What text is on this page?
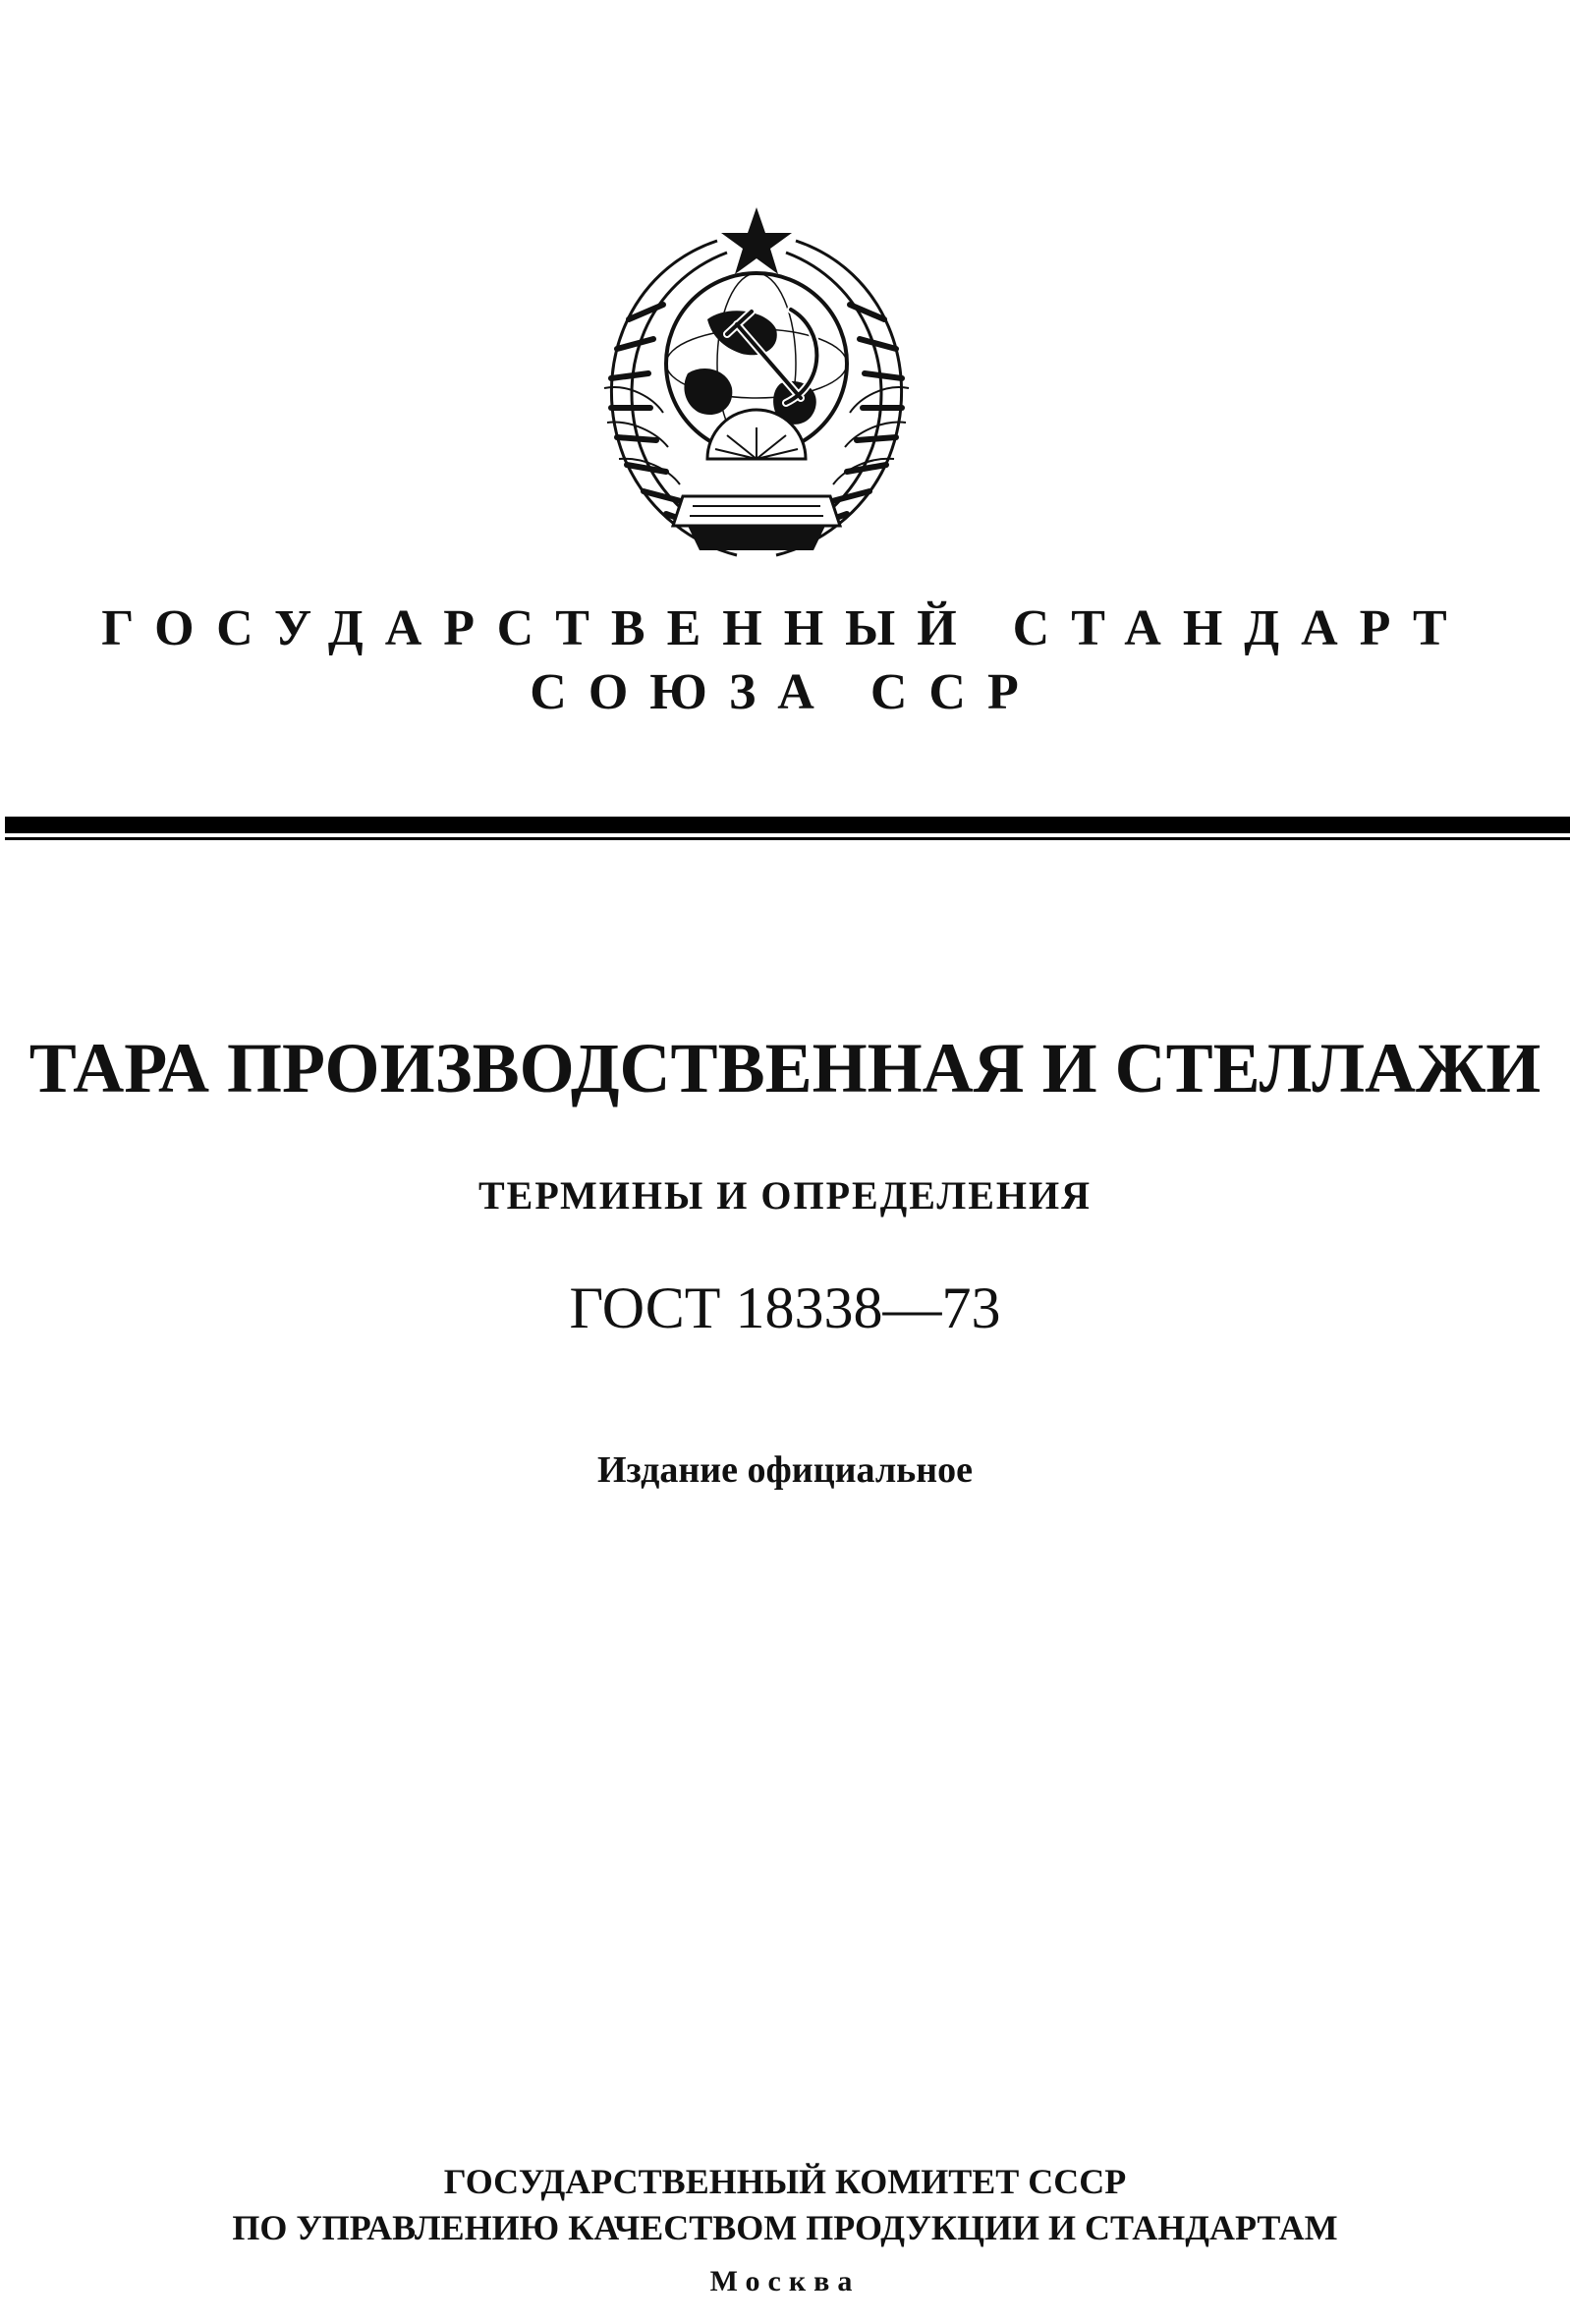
ГОСУДАРСТВЕННЫЙ СТАНДАРТ
СОЮЗА ССР
ТАРА ПРОИЗВОДСТВЕННАЯ И СТЕЛЛАЖИ
ТЕРМИНЫ И ОПРЕДЕЛЕНИЯ
ГОСТ 18338—73
Издание официальное
ГОСУДАРСТВЕННЫЙ КОМИТЕТ СССР
ПО УПРАВЛЕНИЮ КАЧЕСТВОМ ПРОДУКЦИИ И СТАНДАРТАМ
Москва
